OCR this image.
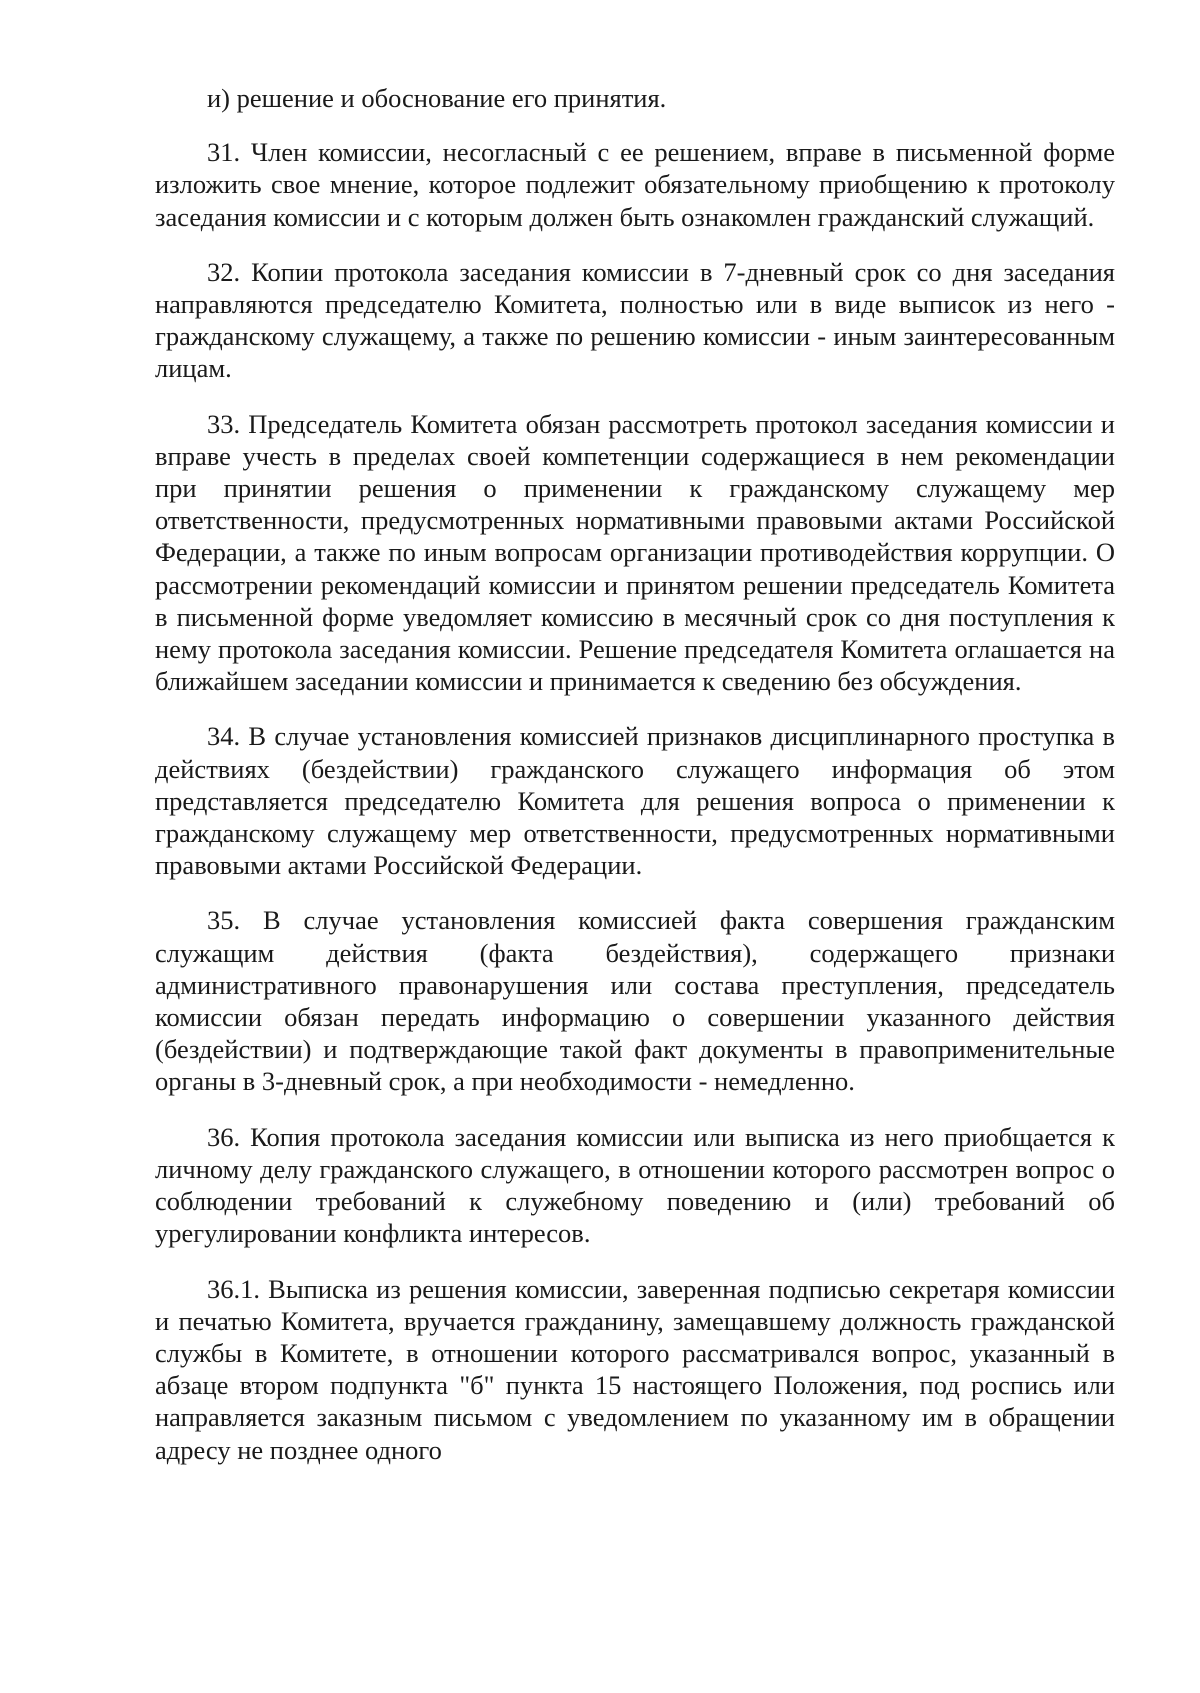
и) решение и обоснование его принятия.

31. Член комиссии, несогласный с ее решением, вправе в письменной форме изложить свое мнение, которое подлежит обязательному приобщению к протоколу заседания комиссии и с которым должен быть ознакомлен гражданский служащий.

32. Копии протокола заседания комиссии в 7-дневный срок со дня заседания направляются председателю Комитета, полностью или в виде выписок из него - гражданскому служащему, а также по решению комиссии - иным заинтересованным лицам.

33. Председатель Комитета обязан рассмотреть протокол заседания комиссии и вправе учесть в пределах своей компетенции содержащиеся в нем рекомендации при принятии решения о применении к гражданскому служащему мер ответственности, предусмотренных нормативными правовыми актами Российской Федерации, а также по иным вопросам организации противодействия коррупции. О рассмотрении рекомендаций комиссии и принятом решении председатель Комитета в письменной форме уведомляет комиссию в месячный срок со дня поступления к нему протокола заседания комиссии. Решение председателя Комитета оглашается на ближайшем заседании комиссии и принимается к сведению без обсуждения.

34. В случае установления комиссией признаков дисциплинарного проступка в действиях (бездействии) гражданского служащего информация об этом представляется председателю Комитета для решения вопроса о применении к гражданскому служащему мер ответственности, предусмотренных нормативными правовыми актами Российской Федерации.

35. В случае установления комиссией факта совершения гражданским служащим действия (факта бездействия), содержащего признаки административного правонарушения или состава преступления, председатель комиссии обязан передать информацию о совершении указанного действия (бездействии) и подтверждающие такой факт документы в правоприменительные органы в 3-дневный срок, а при необходимости - немедленно.

36. Копия протокола заседания комиссии или выписка из него приобщается к личному делу гражданского служащего, в отношении которого рассмотрен вопрос о соблюдении требований к служебному поведению и (или) требований об урегулировании конфликта интересов.

36.1. Выписка из решения комиссии, заверенная подписью секретаря комиссии и печатью Комитета, вручается гражданину, замещавшему должность гражданской службы в Комитете, в отношении которого рассматривался вопрос, указанный в абзаце втором подпункта "б" пункта 15 настоящего Положения, под роспись или направляется заказным письмом с уведомлением по указанному им в обращении адресу не позднее одного
